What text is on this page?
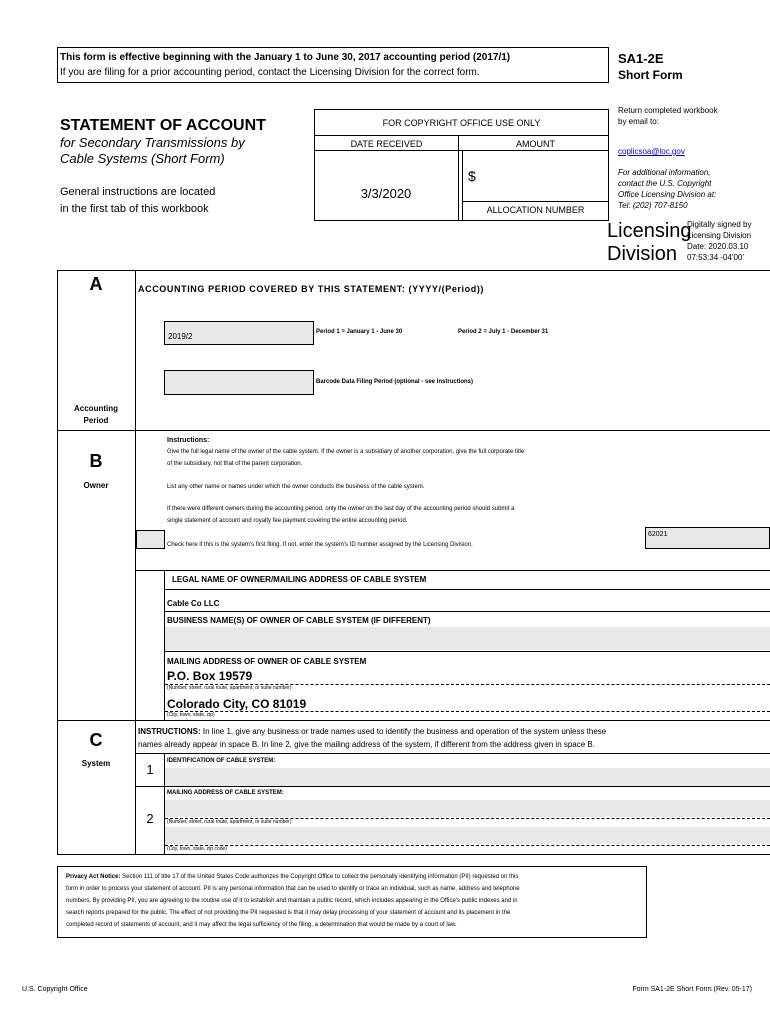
This form is effective beginning with the January 1 to June 30, 2017 accounting period (2017/1)
If you are filing for a prior accounting period, contact the Licensing Division for the correct form.
SA1-2E
Short Form
STATEMENT OF ACCOUNT
for Secondary Transmissions by
Cable Systems (Short Form)
General instructions are located
in the first tab of this workbook
FOR COPYRIGHT OFFICE USE ONLY
DATE RECEIVED	AMOUNT
3/3/2020
$
ALLOCATION NUMBER
Return completed workbook
by email to:
coplicsoa@loc.gov
For additional information,
contact the U.S. Copyright
Office Licensing Division at:
Tel: (202) 707-8150
Licensing
Division
Digitally signed by
Licensing Division
Date: 2020.03.10
07:53:34 -04'00'
A
Accounting
Period
ACCOUNTING PERIOD COVERED BY THIS STATEMENT: (YYYY/(Period))
2019/2	Period 1 = January 1 - June 30	Period 2 = July 1 - December 31
Barcode Data Filing Period (optional - see instructions)
B
Owner
Instructions:
Give the full legal name of the owner of the cable system. If the owner is a subsidiary of another corporation, give the full corporate title
of the subsidiary, not that of the parent corporation.
List any other name or names under which the owner conducts the business of the cable system.
If there were different owners during the accounting period, only the owner on the last day of the accounting period should submit a
single statement of account and royalty fee payment covering the entire accounting period.
Check here if this is the system's first filing. If not, enter the system's ID number assigned by the Licensing Division.
62021
LEGAL NAME OF OWNER/MAILING ADDRESS OF CABLE SYSTEM
Cable Co LLC
BUSINESS NAME(S) OF OWNER OF CABLE SYSTEM (IF DIFFERENT)
MAILING ADDRESS OF OWNER OF CABLE SYSTEM
P.O. Box 19579
(Number, street, rural route, apartment, or suite number)
Colorado City, CO 81019
(City, town, state, zip)
C
System
INSTRUCTIONS: In line 1, give any business or trade names used to identify the business and operation of the system unless these
names already appear in space B. In line 2, give the mailing address of the system, if different from the address given in space B.
1
IDENTIFICATION OF CABLE SYSTEM:
MAILING ADDRESS OF CABLE SYSTEM:
2	(Number, street, rural route, apartment, or suite number)
(City, town, state, zip code)
Privacy Act Notice: Section 111 of title 17 of the United States Code authorizes the Copyright Office to collect the personally identifying information (PII) requested on this
form in order to process your statement of account. PII is any personal information that can be used to identify or trace an individual, such as name, address and telephone
numbers. By providing PII, you are agreeing to the routine use of it to establish and maintain a public record, which includes appearing in the Office's public indexes and in
search reports prepared for the public. The effect of not providing the PII requested is that it may delay processing of your statement of account and its placement in the
completed record of statements of account, and it may affect the legal sufficiency of the filing, a determination that would be made by a court of law.
U.S. Copyright Office	Form SA1-2E Short Form (Rev. 05-17)
